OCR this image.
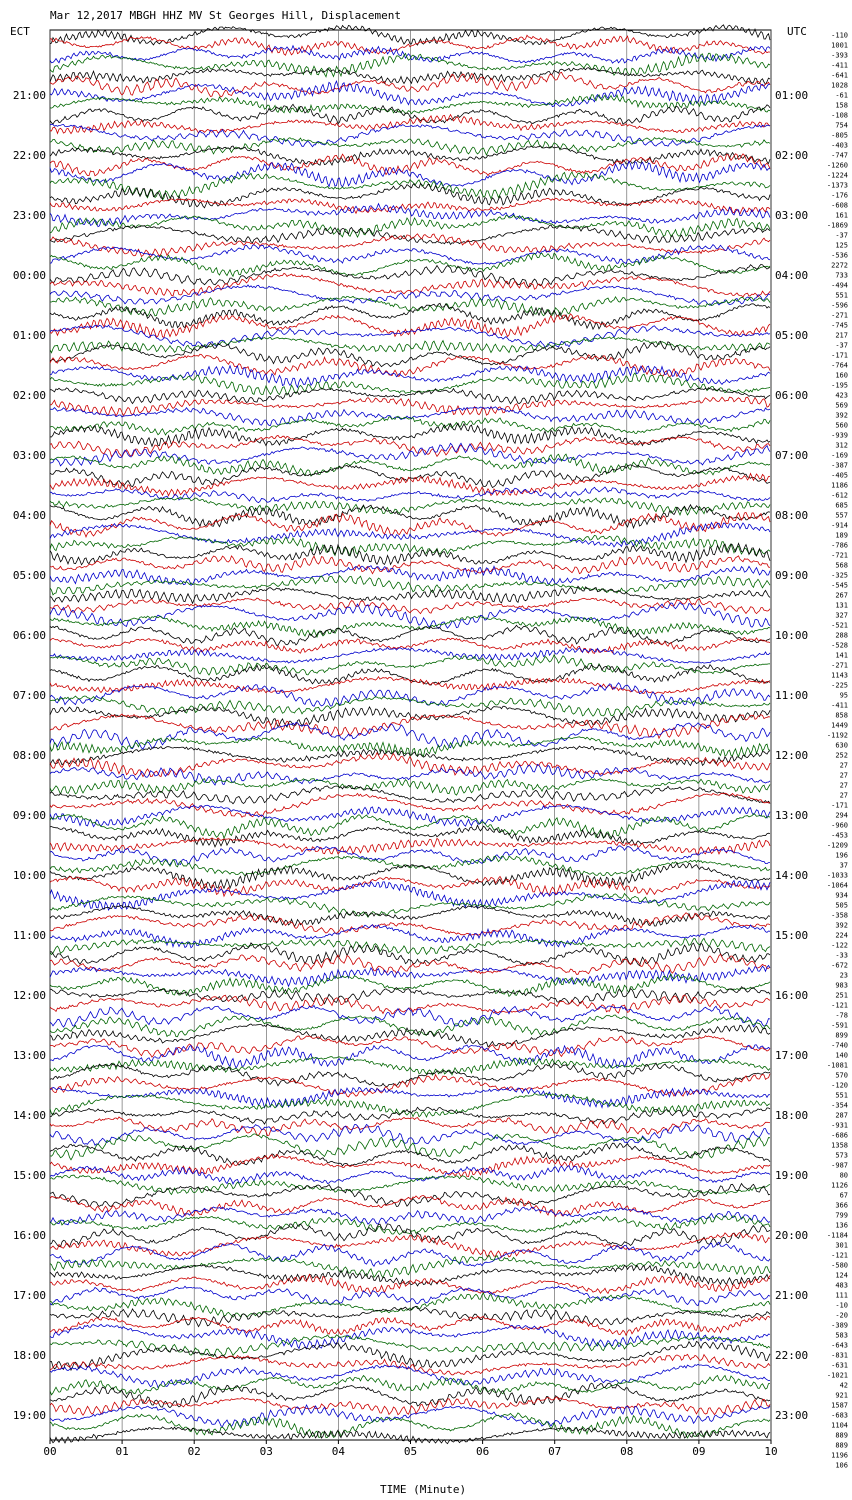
Mar 12,2017 MBGH HHZ MV St Georges Hill, Displacement
ECT	UTC
21:00
22:00
23:00
00:00
01:00
02:00
03:00
04:00
05:00
06:00
07:00
08:00
09:00
10:00
11:00
12:00
13:00
14:00
15:00
16:00
17:00
18:00
19:00
01:00
02:00
03:00
04:00
05:00
06:00
07:00
08:00
09:00
10:00
11:00
12:00
13:00
14:00
15:00
16:00
17:00
18:00
19:00
20:00
21:00
22:00
23:00
-110
1001
-393
-411
-641
1028
-61
158
-108
754
-805
-403
-747
-1260
-1224
-1373
-176
-608
161
-1869
-37
125
-536
2272
733
-494
551
-596
-271
-745
217
-37
-171
-764
160
-195
423
569
392
560
-939
312
-169
-387
-405
1186
-612
685
557
-914
189
-786
-721
568
-325
-545
267
131
327
-521
288
-528
141
-271
1143
-225
95
-411
858
1449
-1192
630
252
27
27
27
27
-171
294
-960
-453
-1209
196
37
-1033
-1064
934
505
-358
392
224
-122
-33
-672
23
983
251
-121
-78
-591
899
-740
140
-1081
570
-120
551
-354
287
-931
-686
1358
573
-987
80
1126
67
366
799
136
-1184
301
-121
-580
124
483
111
-10
-20
-389
583
-643
-831
-631
-1021
42
921
1587
-683
1104
889
889
1196
106
00	01	02	03	04	05	06	07	08	09	10
TIME (Minute)
